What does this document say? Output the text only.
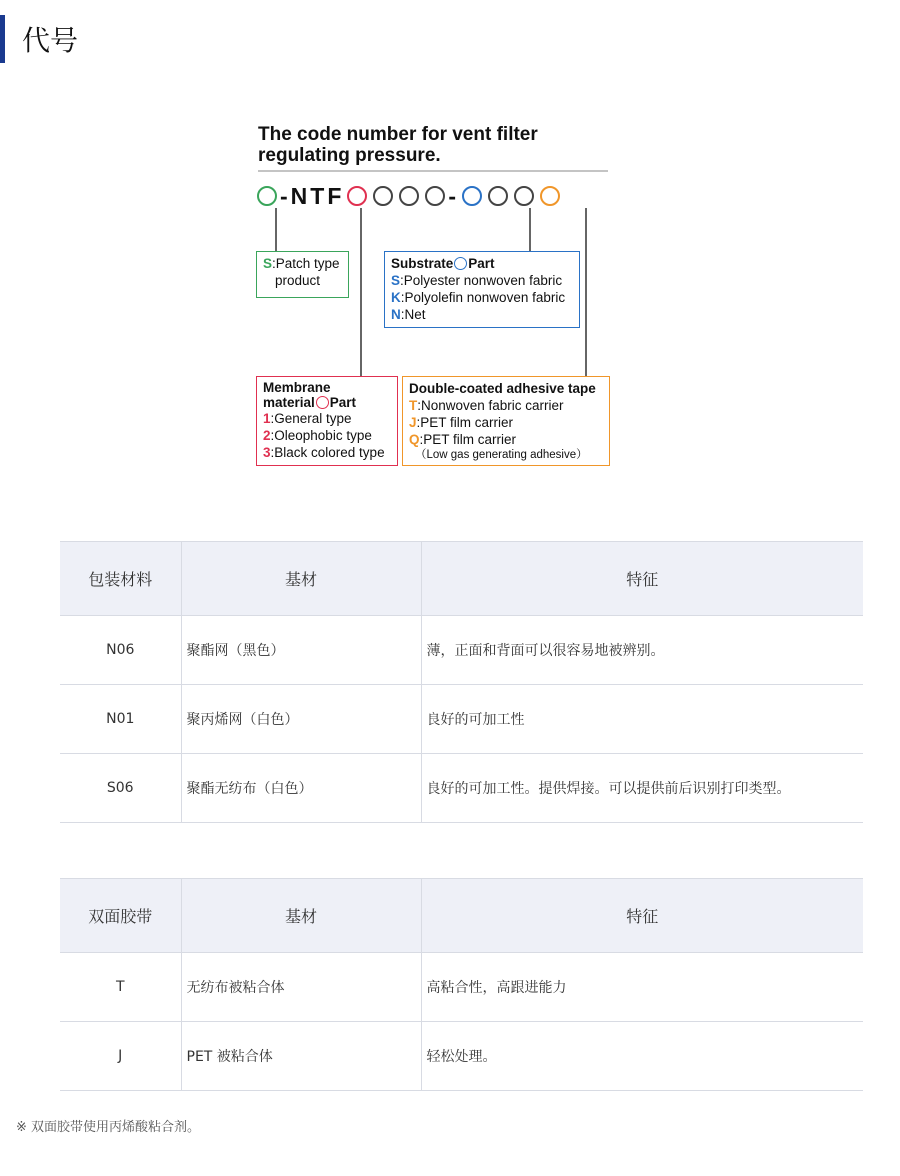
代号
The code number for vent filter
regulating pressure.
- NTF	-
S:Patch type
product
Substrate Part
S:Polyester nonwoven fabric
K:Polyolefin nonwoven fabric
N:Net
Membrane
material Part
1:General type
2:Oleophobic type
3:Black colored type
Double-coated adhesive tape
T:Nonwoven fabric carrier
J:PET film carrier
Q:PET film carrier
（Low gas generating adhesive）
包装材料	基材	特征
N06	聚酯网（黑色）	薄，正面和背面可以很容易地被辨别。
N01	聚丙烯网（白色）	良好的可加工性
S06	聚酯无纺布（白色）	良好的可加工性。提供焊接。可以提供前后识别打印类型。
双面胶带	基材	特征
T	无纺布被粘合体	高粘合性，高跟进能力
J	PET 被粘合体	轻松处理。
※ 双面胶带使用丙烯酸粘合剂。
